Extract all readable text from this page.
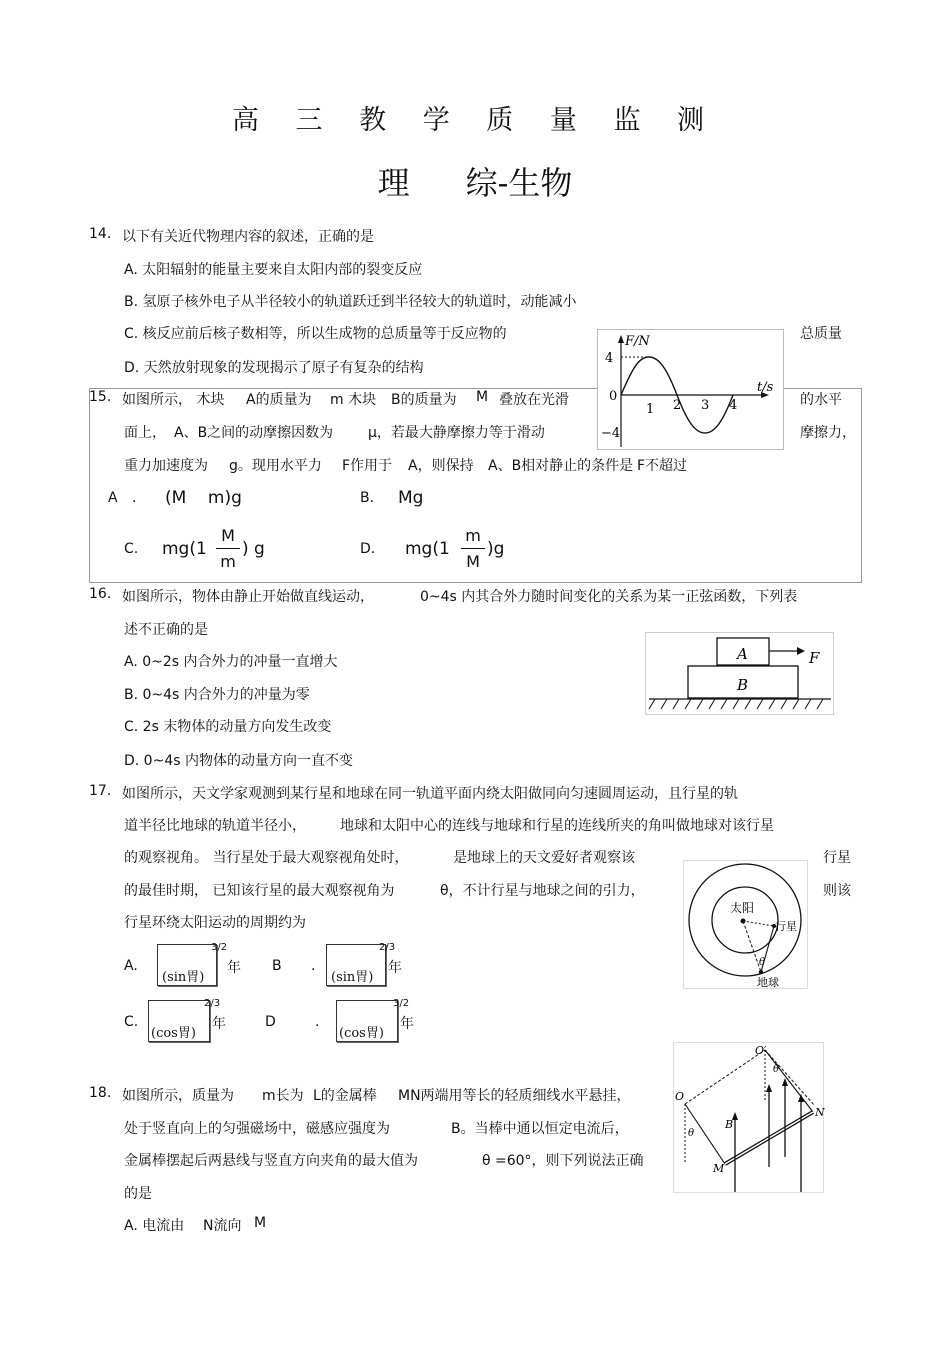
高 三 教 学 质 量 监 测
理 综-生物
14. 以下有关近代物理内容的叙述，正确的是
A. 太阳辐射的能量主要来自太阳内部的裂变反应
B. 氢原子核外电子从半径较小的轨道跃迁到半径较大的轨道时，动能减小
C. 核反应前后核子数相等，所以生成物的总质量等于反应物的	总质量
D. 天然放射现象的发现揭示了原子有复杂的结构
15. 如图所示， 木块 A的质量为 m 木块 B的质量为 M 叠放在光滑	的水平
面上， A、B之间的动摩擦因数为 μ，若最大静摩擦力等于滑动	摩擦力，
重力加速度为 g。现用水平力 F作用于 A，则保持 A、B相对静止的条件是 F不超过
A . (M    m)g	B. Mg
C. mg(1
M
m
) g	D. mg(1
m
M
)g
4
0
−4
1 2 3 4
F/N
t/s
16. 如图所示，物体由静止开始做直线运动，	0~4s 内其合外力随时间变化的关系为某一正弦函数，下列表
述不正确的是
A. 0~2s 内合外力的冲量一直增大
B. 0~4s 内合外力的冲量为零
C. 2s 末物体的动量方向发生改变
D. 0~4s 内物体的动量方向一直不变
A
B
F
17. 如图所示，天文学家观测到某行星和地球在同一轨道平面内绕太阳做同向匀速圆周运动，且行星的轨
道半径比地球的轨道半径小， 地球和太阳中心的连线与地球和行星的连线所夹的角叫做地球对该行星
的观察视角。 当行星处于最大观察视角处时，	是地球上的天文爱好者观察该	行星
的最佳时期， 已知该行星的最大观察视角为	θ，不计行星与地球之间的引力，	则该
行星环绕太阳运动的周期约为
A.
(sin胃)
3/2
年 B .
(sin胃)
2/3
年
C.
(cos胃)
2/3
年	D	.
(cos胃)
3/2
年
太阳
行星
θ
地球
18. 如图所示，质量为 m长为 L的金属棒 MN两端用等长的轻质细线水平悬挂，
处于竖直向上的匀强磁场中，磁感应强度为	B。当棒中通以恒定电流后，
金属棒摆起后两悬线与竖直方向夹角的最大值为	θ =60°，则下列说法正确
的是
A. 电流由 N流向 M
O
O′
M
N
B
θ
θ
